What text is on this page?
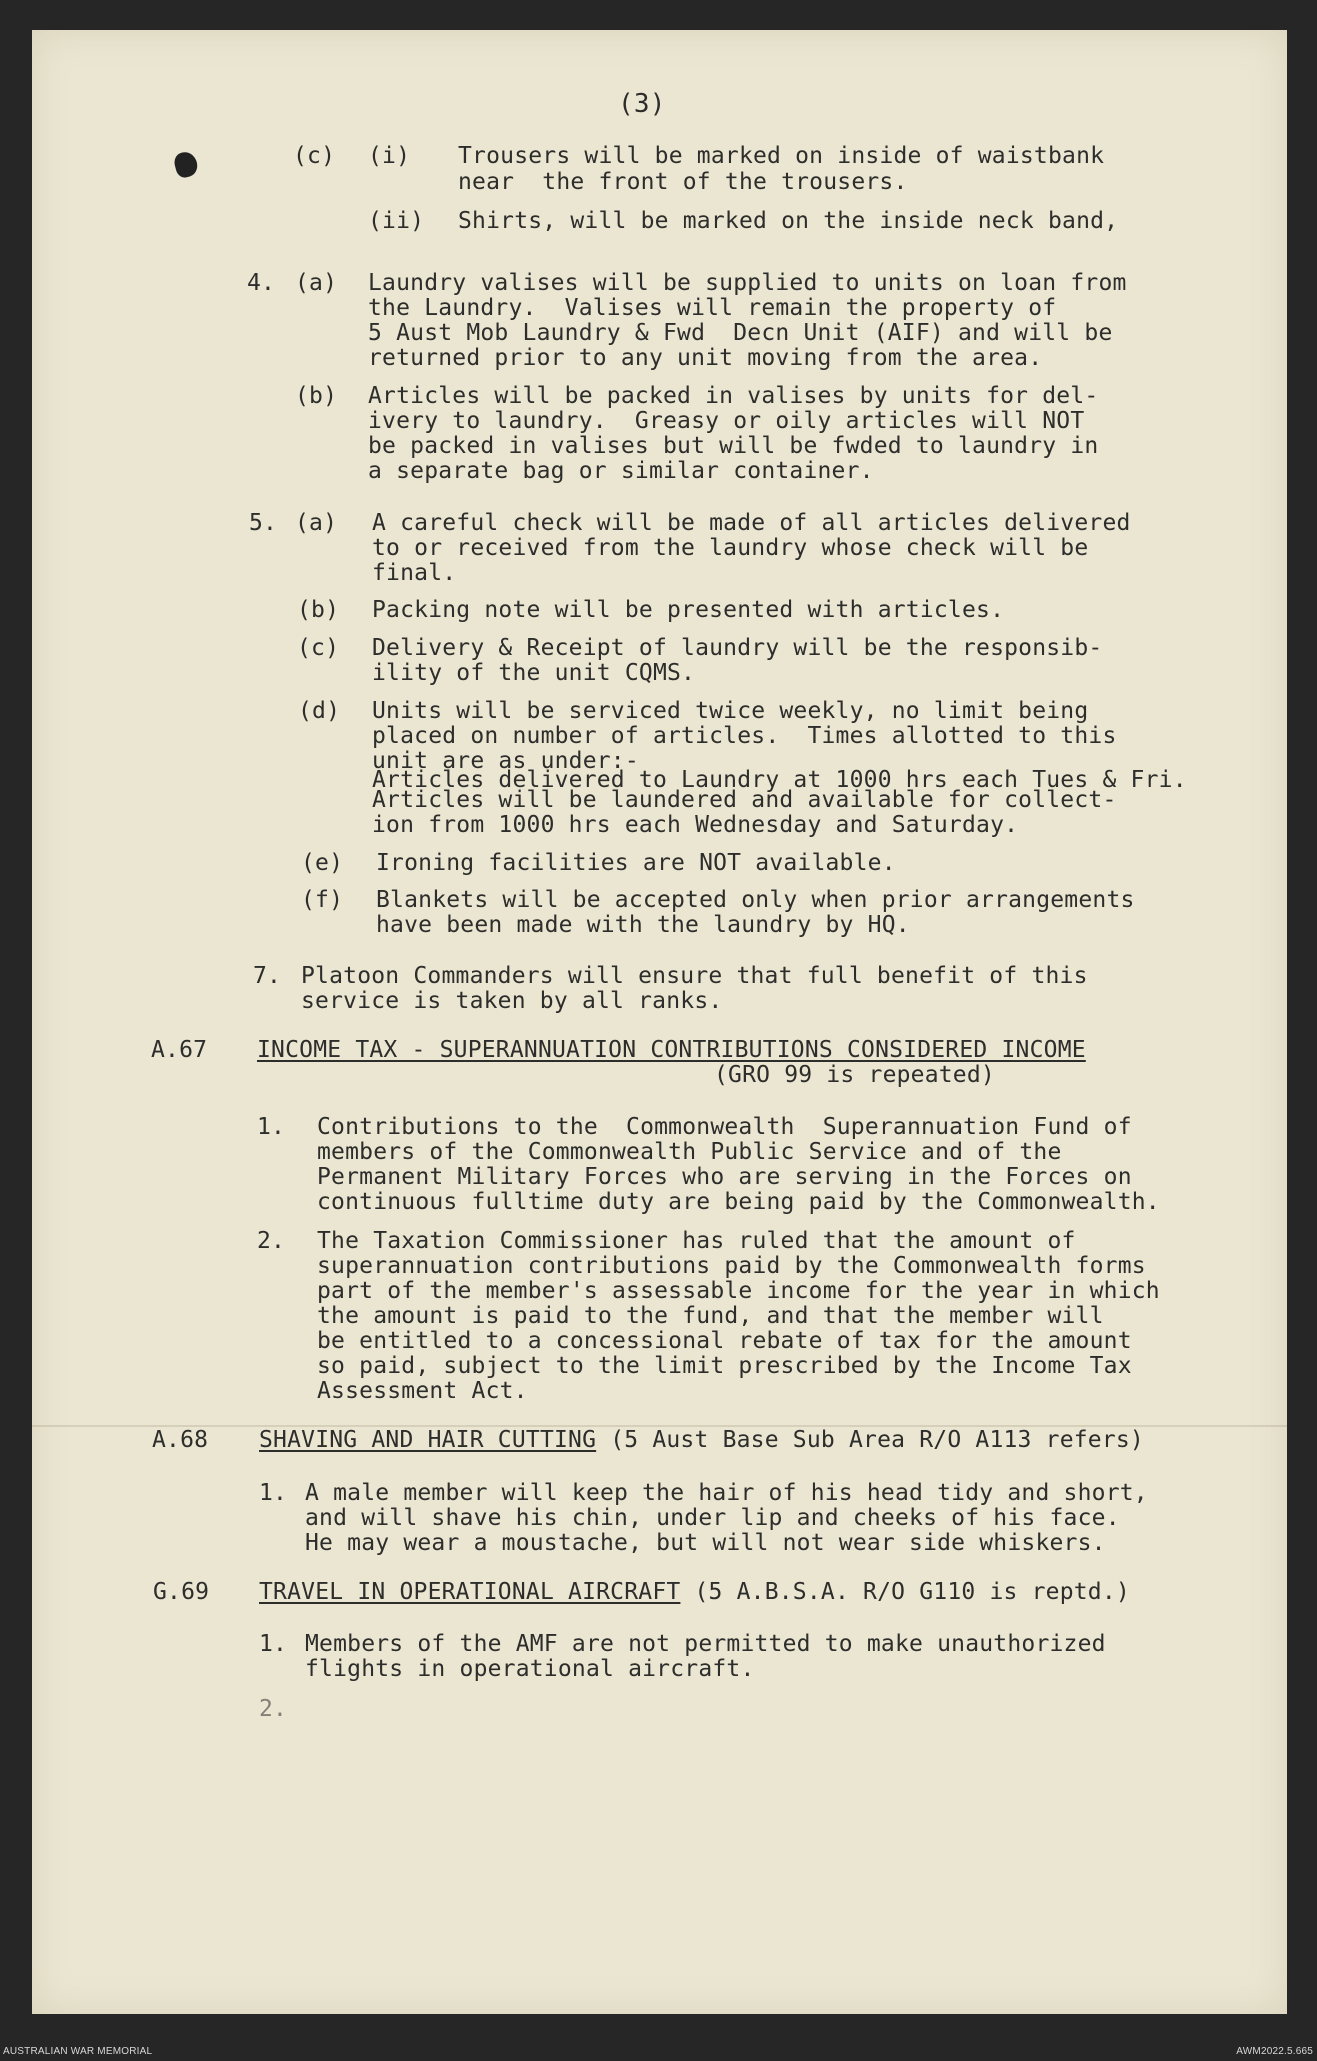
(3)
(c) (i) Trousers will be marked on inside of waistbank
near  the front of the trousers.
(ii) Shirts, will be marked on the inside neck band,
4. (a) Laundry valises will be supplied to units on loan from
the Laundry.  Valises will remain the property of
5 Aust Mob Laundry & Fwd  Decn Unit (AIF) and will be
returned prior to any unit moving from the area.
(b) Articles will be packed in valises by units for del-
ivery to laundry.  Greasy or oily articles will NOT
be packed in valises but will be fwded to laundry in
a separate bag or similar container.
5. (a) A careful check will be made of all articles delivered
to or received from the laundry whose check will be
final.
(b) Packing note will be presented with articles.
(c) Delivery & Receipt of laundry will be the responsib-
ility of the unit CQMS.
(d) Units will be serviced twice weekly, no limit being
placed on number of articles.  Times allotted to this
unit are as under:-
Articles delivered to Laundry at 1000 hrs each Tues & Fri.
Articles will be laundered and available for collect-
ion from 1000 hrs each Wednesday and Saturday.
(e) Ironing facilities are NOT available.
(f) Blankets will be accepted only when prior arrangements
have been made with the laundry by HQ.
7. Platoon Commanders will ensure that full benefit of this
service is taken by all ranks.
A.67 INCOME TAX - SUPERANNUATION CONTRIBUTIONS CONSIDERED INCOME
(GRO 99 is repeated)
1. Contributions to the  Commonwealth  Superannuation Fund of
members of the Commonwealth Public Service and of the
Permanent Military Forces who are serving in the Forces on
continuous fulltime duty are being paid by the Commonwealth.
2. The Taxation Commissioner has ruled that the amount of
superannuation contributions paid by the Commonwealth forms
part of the member's assessable income for the year in which
the amount is paid to the fund, and that the member will
be entitled to a concessional rebate of tax for the amount
so paid, subject to the limit prescribed by the Income Tax
Assessment Act.
A.68 SHAVING AND HAIR CUTTING (5 Aust Base Sub Area R/O A113 refers)
1. A male member will keep the hair of his head tidy and short,
and will shave his chin, under lip and cheeks of his face.
He may wear a moustache, but will not wear side whiskers.
G.69 TRAVEL IN OPERATIONAL AIRCRAFT (5 A.B.S.A. R/O G110 is reptd.)
1. Members of the AMF are not permitted to make unauthorized
flights in operational aircraft.
2.
AUSTRALIAN WAR MEMORIAL	AWM2022.5.665
